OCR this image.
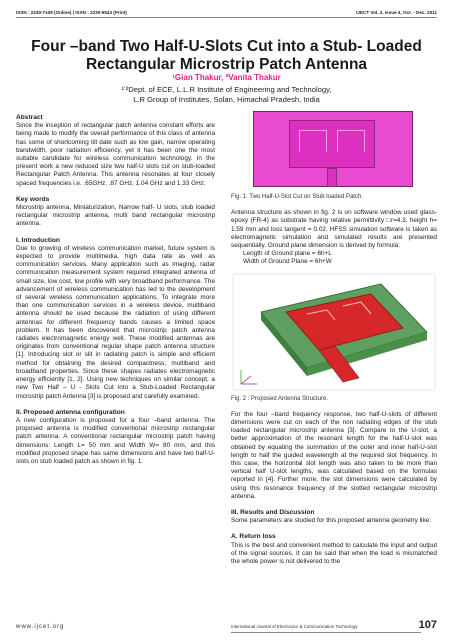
ISSN : 2230-7109 (Online) | ISSN : 2230-9543 (Print)	IJECT Vol. 2, Issue 4, Oct. - Dec. 2011
Four –band Two Half-U-Slots Cut into a Stub- Loaded
Rectangular Microstrip Patch Antenna
¹Gian Thakur, ²Vanita Thakur
¹ʼ²Dept. of ECE, L.L.R Institute of Engineering and Technology,
L.R Group of Institutes, Solan, Himachal Pradesh, India
Abstract

Since the inception of rectangular patch antenna constant efforts are being made to modify the overall performance of this class of antenna has some of shortcoming till date such as low gain, narrow operating bandwidth, poor radiation efficiency, yet it has been one the most suitable candidate for wireless communication technology. In the present work a new reduced size two half-U slots cut on stub-loaded Rectangular Patch Antenna. This antenna resonates at four closely spaced frequencies i.e. .65GHz, .87 GHz, 1.04 GHz and 1.33 GHz.

Key words

Microstrip antenna, Miniaturization, Narrow half- U slots, stub loaded rectangular microstrip antenna, multi band rectangular microstrip antenna.

I. Introduction

Due to growing of wireless communication market, future system is expected to provide multimedia, high data rate as well as communication services. Many application such as imaging, radar communication measurement system required integrated antenna of small size, low cost, low profile with very broadband performance. The advancement of wireless communication has led to the development of several wireless communication applications. To integrate more than one communication services in a wireless device, multiband antenna should be used because the radiation of using different antennas for different frequency bands causes a limited space problem. It has been discovered that microstrip patch antenna radiates electromagnetic energy well. These modified antennas are originates from conventional regular shape patch antenna structure [1]. Introducing slot or slit in radiating patch is simple and efficient method for obtaining the desired compactness, multiband and broadband properties. Since these shapes radiates electromagnetic energy efficiently [1, 2]. Using new techniques on similar concept, a new Two Half – U - Slots Cut into a Stub-Loaded Rectangular microstrip patch Antenna [3] is proposed and carefully examined.

II. Proposed antenna configuration

A new configuration is proposed for a four –band antenna. The proposed antenna is modified conventional microstrip rectangular patch antenna. A conventional rectangular microstrip patch having dimensions: Length L= 50 mm and Width W= 80 mm, and this modified proposed shape has same dimensions and have two half-U-slots on stub loaded patch as shown in fig. 1.

Fig. 1: Two Half-U-Slot Cut on Stub loaded Patch.

Antenna structure as shown in fig. 2 is on software window used glass- epoxy (FR-4) as substrate having relative permittivity □r=4.3, height h= 1.59 mm and loss tangent = 0.02. HFSS simulation software is taken as electromagnetic simulation and simulated results are presented sequentially. Ground plane dimension is derived by formula:

Length of Ground plane = 6h+L
Width of Ground Plane = 6h+W
Fig. 2 : Proposed Antenna Structure.

For the four –band frequency response, two half-U-slots of different dimensions were cut on each of the non radiating edges of the stub loaded rectangular microstrip antenna [3]. Compare to the U-slot, a better approximation of the resonant length for the half-U-slot was obtained by equating the summation of the outer and inner half-U-slot length to half the guided wavelength at the required slot frequency. In this case, the horizontal slot length was also taken to be more than vertical half U-slot lengths, was calculated based on the formulas reported in [4]. Further more, the slot dimensions were calculated by using this resonance frequency of the slotted rectangular microstrip antenna.

III. Results and Discussion

Some parameters are studied for this proposed antenna geometry like:

A. Return loss

This is the best and convenient method to calculate the input and output of the signal sources. It can be said that when the load is mismatched the whole power is not delivered to the

www.ijcet.org	International Journal of Electronics & Communication Technology	107
